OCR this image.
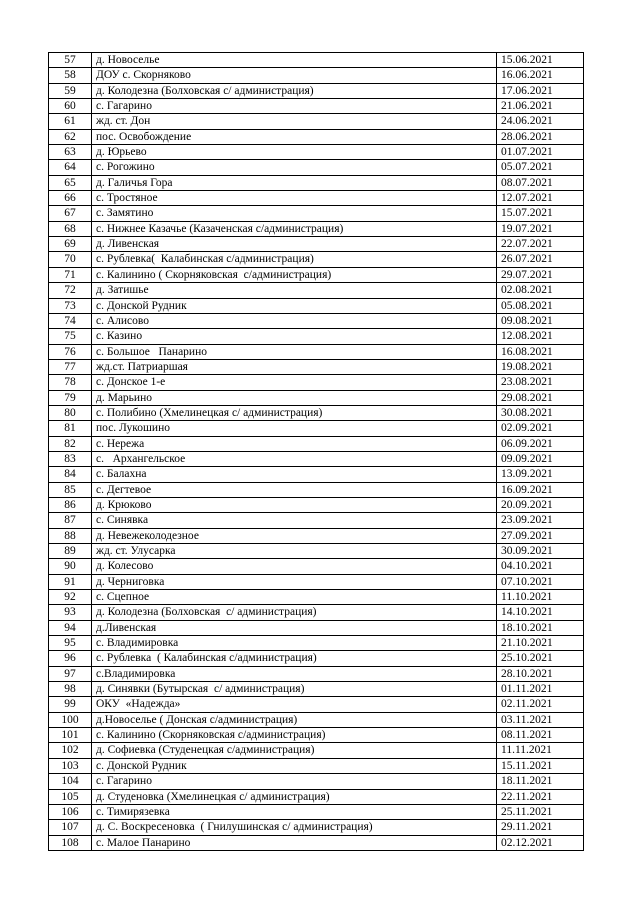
57	д. Новоселье	15.06.2021
58	ДОУ с. Скорняково	16.06.2021
59	д. Колодезна (Болховская с/ администрация)	17.06.2021
60	с. Гагарино	21.06.2021
61	жд. ст. Дон	24.06.2021
62	пос. Освобождение	28.06.2021
63	д. Юрьево	01.07.2021
64	с. Рогожино	05.07.2021
65	д. Галичья Гора	08.07.2021
66	с. Тростяное	12.07.2021
67	с. Замятино	15.07.2021
68	с. Нижнее Казачье (Казаченская с/администрация)	19.07.2021
69	д. Ливенская	22.07.2021
70	с. Рублевка(  Калабинская с/администрация)	26.07.2021
71	с. Калинино ( Скорняковская  с/администрация)	29.07.2021
72	д. Затишье	02.08.2021
73	с. Донской Рудник	05.08.2021
74	с. Алисово	09.08.2021
75	с. Казино	12.08.2021
76	с. Большое   Панарино	16.08.2021
77	жд.ст. Патриаршая	19.08.2021
78	с. Донское 1-е	23.08.2021
79	д. Марьино	29.08.2021
80	с. Полибино (Хмелинецкая с/ администрация)	30.08.2021
81	пос. Лукошино	02.09.2021
82	с. Нережа	06.09.2021
83	с.   Архангельское	09.09.2021
84	с. Балахна	13.09.2021
85	с. Дегтевое	16.09.2021
86	д. Крюково	20.09.2021
87	с. Синявка	23.09.2021
88	д. Невежеколодезное	27.09.2021
89	жд. ст. Улусарка	30.09.2021
90	д. Колесово	04.10.2021
91	д. Черниговка	07.10.2021
92	с. Сцепное	11.10.2021
93	д. Колодезна (Болховская  с/ администрация)	14.10.2021
94	д.Ливенская	18.10.2021
95	с. Владимировка	21.10.2021
96	с. Рублевка  ( Калабинская с/администрация)	25.10.2021
97	с.Владимировка	28.10.2021
98	д. Синявки (Бутырская  с/ администрация)	01.11.2021
99	ОКУ  «Надежда»	02.11.2021
100	д.Новоселье ( Донская с/администрация)	03.11.2021
101	с. Калинино (Скорняковская с/администрация)	08.11.2021
102	д. Софиевка (Студенецкая с/администрация)	11.11.2021
103	с. Донской Рудник	15.11.2021
104	с. Гагарино	18.11.2021
105	д. Студеновка (Хмелинецкая с/ администрация)	22.11.2021
106	с. Тимирязевка	25.11.2021
107	д. С. Воскресеновка  ( Гнилушинская с/ администрация)	29.11.2021
108	с. Малое Панарино	02.12.2021
